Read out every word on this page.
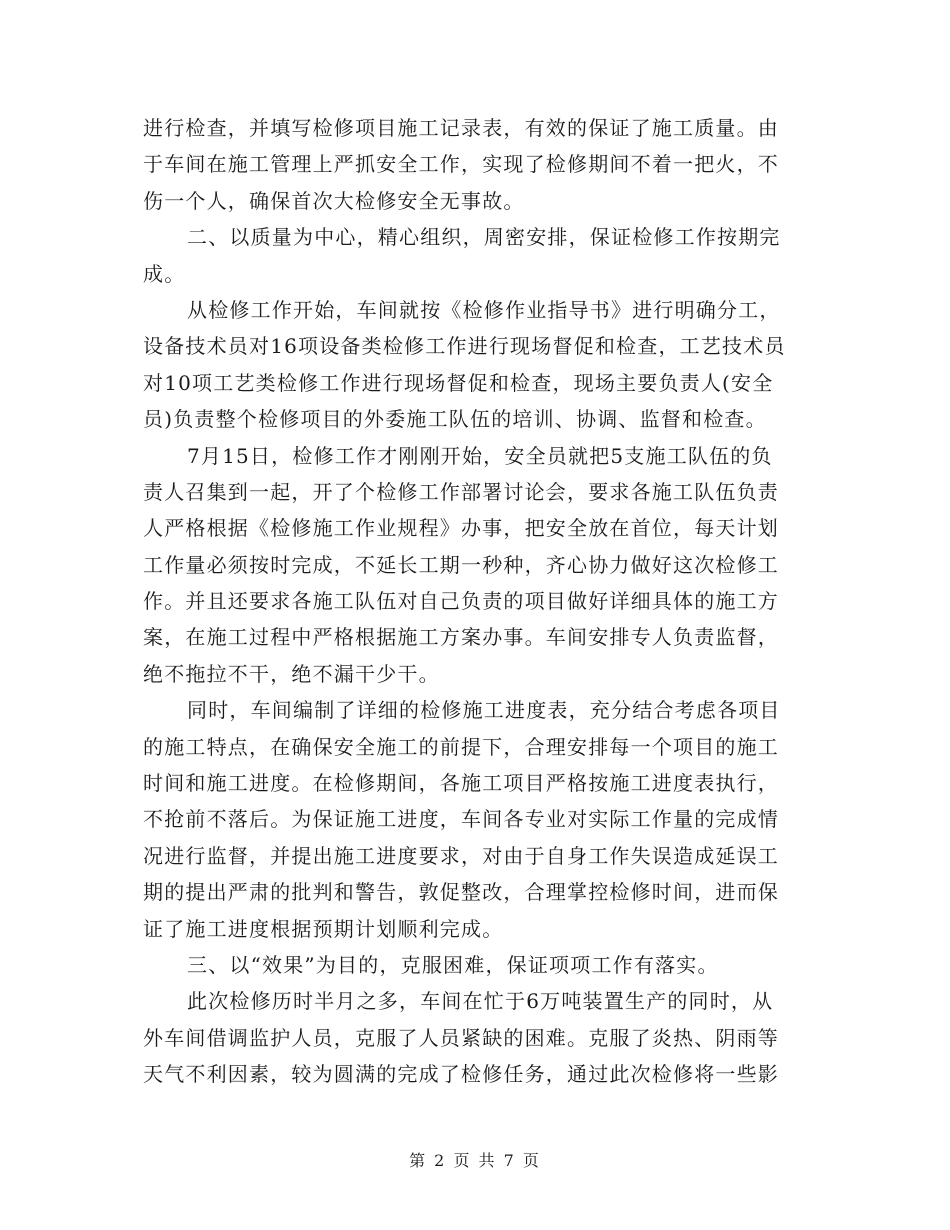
进行检查，并填写检修项目施工记录表，有效的保证了施工质量。由
于车间在施工管理上严抓安全工作，实现了检修期间不着一把火，不
伤一个人，确保首次大检修安全无事故。
二、以质量为中心，精心组织，周密安排，保证检修工作按期完
成。
从检修工作开始，车间就按《检修作业指导书》进行明确分工，
设备技术员对16项设备类检修工作进行现场督促和检查，工艺技术员
对10项工艺类检修工作进行现场督促和检查，现场主要负责人(安全
员)负责整个检修项目的外委施工队伍的培训、协调、监督和检查。
7月15日，检修工作才刚刚开始，安全员就把5支施工队伍的负
责人召集到一起，开了个检修工作部署讨论会，要求各施工队伍负责
人严格根据《检修施工作业规程》办事，把安全放在首位，每天计划
工作量必须按时完成，不延长工期一秒种，齐心协力做好这次检修工
作。并且还要求各施工队伍对自己负责的项目做好详细具体的施工方
案，在施工过程中严格根据施工方案办事。车间安排专人负责监督，
绝不拖拉不干，绝不漏干少干。
同时，车间编制了详细的检修施工进度表，充分结合考虑各项目
的施工特点，在确保安全施工的前提下，合理安排每一个项目的施工
时间和施工进度。在检修期间，各施工项目严格按施工进度表执行，
不抢前不落后。为保证施工进度，车间各专业对实际工作量的完成情
况进行监督，并提出施工进度要求，对由于自身工作失误造成延误工
期的提出严肃的批判和警告，敦促整改，合理掌控检修时间，进而保
证了施工进度根据预期计划顺利完成。
三、以“效果”为目的，克服困难，保证项项工作有落实。
此次检修历时半月之多，车间在忙于6万吨装置生产的同时，从
外车间借调监护人员，克服了人员紧缺的困难。克服了炎热、阴雨等
天气不利因素，较为圆满的完成了检修任务，通过此次检修将一些影
第 2 页 共 7 页
